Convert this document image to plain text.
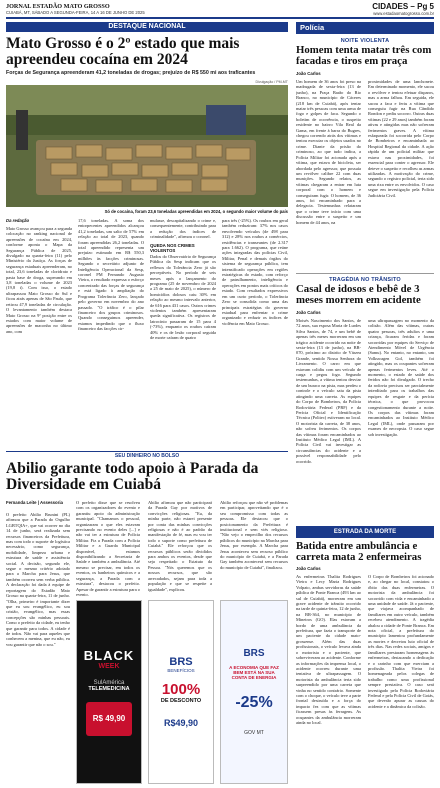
JORNAL ESTADÃO MATO GROSSO
CUIABÁ, MT, SÁBADO A SEGUNDA-FEIRA, 14 A 16 DE JUNHO DE 2025
CIDADES – Pg 5
www.estadaomatogrosso.com.br
DESTAQUE NACIONAL
Mato Grosso é o 2º estado que mais apreendeu cocaína em 2024
Forças de Segurança apreenderam 41,2 toneladas de drogas; prejuízo de R$ 550 mi aos traficantes
Divulgação / PM-MT
Só de cocaína, foram 23,6 toneladas apreendidas em 2024, o segundo maior volume do país
Da redação
Mato Grosso avançou para a segunda colocação no ranking nacional de apreensões de cocaína em 2024, conforme aponta o Mapa da Segurança Pública de 2025, divulgado na quarta-feira (11) pelo Ministério da Justiça. As forças de segurança estaduais apreenderam, no total, 23,6 toneladas de cloridrato e pasta base de droga, superando em 3,8 toneladas o volume de 2023 (19,8 t). Com isso, o estado ultrapassou Mato Grosso do Sul e ficou atrás apenas de São Paulo, que retirou 47,9 toneladas de circulação. O levantamento também destaca Mato Grosso na 9ª posição entre os estados com maior volume de apreensões de maconha no último ano, com
17,6 toneladas. A soma dos entorpecentes apreendidos alcançou 41,2 toneladas, um salto de 57% em relação ao total de 2023, quando foram apreendidas 26,2 toneladas. O total apreendido representa um prejuízo estimado em R$ 550,3 milhões às facções criminosas. Segundo o secretário adjunto de Inteligência Operacional da Sesp, coronel PM Fernando Augusto Vieira, o resultado expressa o esforço concentrado das forças de segurança e está ligado à ampliação do Programa Tolerância Zero, lançado pelo governo em novembro do ano passado. "O tráfico é o pilar financeiro dos grupos criminosos. Quando conseguimos apreender, estamos impedindo que o fluxo financeiro das facções cir-
mulasse, descapitalizando o crime e, consequentemente, contribuindo para a redução dos índices de criminalidade", afirmou o coronel.
QUEDA NOS CRIMES VIOLENTOS
Dados do Observatório de Segurança Pública da Sesp indicam que os reflexos do Tolerância Zero já são perceptíveis. No período de seis meses após o lançamento do programa (25 de novembro de 2024 a 25 de maio de 2025), o número de homicídios dolosos caiu 30% em relação ao mesmo intervalo anterior, de 616 para 431 casos. Outros crimes violentos também apresentaram queda significativa. Os registros de latrocínio passaram de 15 para 4 (-73%), enquanto os roubos caíram 40% e os de lesão corporal seguida de morte caíram de quatro
para três (-25%). Os roubos em geral também reduziram: 37% nos casos envolvendo veículos (de 498 para 312) e 28% nos roubos a comércios, residências e transeuntes (de 2.317 para 1.662). O programa, que reúne ações integradas das polícias Civil, Militar, Penal e demais órgãos do sistema de segurança pública, tem intensificado operações em regiões estratégicas do estado, com reforço de patrulhamento, inteligência e operações em pontos mais críticos do estado. Com resultados expressivos em um curto período, o Tolerância Zero se consolida como uma das principais estratégias do governo estadual para enfrentar o crime organizado e reduzir os índices de violência em Mato Grosso.
SEU DINHEIRO NO BOLSO
Abilio garante todo apoio à Parada da Diversidade em Cuiabá
Fernanda Leite | Assessoria
O prefeito Abilio Brunini (PL) afirmou que a Parada do Orgulho LGBTQIA+, que vai ocorrer no dia 14 de junho, será realizada sem recursos financeiros da Prefeitura, mas com todo o suporte de logística necessário, como segurança, mobilidade, limpeza urbana e estrutura de saúde e assistência social. A decisão, segundo ele, segue o mesmo critério adotado para a Marcha para Jesus, que também ocorreu sem verba pública. A declaração foi dada à equipe de reportagem do Estadão Mato Grosso na quarta-feira, 11 de junho. "Olha, primeiro é importante dizer que eu sou evangélico, eu sou cristão, evangélico, mas essas concepções são minhas pessoais. Como o prefeito da cidade, eu tenho que garantir para todos. A cidade é de todos. Não vai para aqueles que conhecem a menina, que eu não, eu vou garantir que não o sou."
O prefeito disse que se resolveu com os organizadores do evento e garantiu apoio da administração municipal. "Chamamos o pessoal, organizaram o que eles estavam precisando no evento deles [...] e não vai ter a estrutura de Polícia Militar. Fiz a Parada com a Polícia Militar e a Guarda Municipal disponível, estamos disponibilizando a Secretaria de Saúde e também a ambulância. Até mesmo se precisar, em todos os eventos, os banheiros químicos e a segurança, a Parada com a estrutura", destacou o prefeito. Apesar de garantir a estrutura para o evento,
Abilio afirmou que não participará da Parada Gay por motivos de convicções religiosas. "Eu, da minha parte, não estarei presente por conta das minhas convicções religiosas e não é ao padrão da manifestação de fé, mas eu vou ter todo o suporte como prefeitura de Cuiabá." Ele reforçou que os recursos públicos serão divididos para ambos os eventos, desde que seja respeitado o Estatuto da Pessoa. "Nós queremos que os nossos recursos, que são arrecadados, sejam para toda a população e que se respeite a igualdade", explicou.
Abilio reforçou que não vê problemas em participar, aproveitando que é o seu compromisso com todas as pessoas. Ele destacou que o posicionamento da Prefeitura é institucional e sem viés religioso. "Não vejo o empecilho dos recursos públicos do município na Marcha para Jesus, por exemplo. A Marcha para Jesus aconteceu sem recurso público do município de Cuiabá, e a Parada Gay também acontecerá sem recursos do município de Cuiabá", finalizou.
BLACK
WEEK
SulAmérica
TELEMEDICINA
R$ 49,90
BRS
BENEFÍCIOS
100%
DE DESCONTO
R$49,90
BRS
A ECONOMIA QUE FAZ BEM ESTÁ NA SUA CONTA DE ENERGIA
-25%
GOV MT
Polícia
NOITE VIOLENTA
Homem tenta matar três com facadas e tiros em praça
João Carlos
Um homem de 36 anos foi preso na madrugada de sexta-feira (13 de junho), na Praça Barão do Rio Branco, no município de Cáceres (218 km de Cuiabá), após tentar matar três pessoas com uma arma de fogo e golpes de faca. Segundo o boletim de ocorrência, o suspeito residente no bairro Vila Real da Gama, em frente à barra do Bugres, chegou correndo atrás dos vítimas e tentou executar os objetos usados no crime. Diante da prisão do criminoso, ao que tudo indica, a Polícia Militar foi acionada após a vítima, que estava de bicicleta, ser abordada pelo agressor, que possuía um revólver calibre 22 com duas munições. Segundo relatos, as vítimas chegaram a entrar em luta corporal com o homem e conseguiram fugir. O homem, de 36 anos, foi encaminhado para a delegacia. Testemunhas relataram que o crime teve início com uma discussão entre o suspeito e um homem de 44 anos, na
proximidades de uma lanchonete. Em determinado momento, ele sacou o revólver e tentou efetuar disparos, mas a arma falhou. Em seguida, ele sacou a faca e feriu a vítima que conseguiu fugir na Rua Cândido Rondon e pediu socorro. Outras duas vítimas (22 e 29 anos) também foram ativas e atingidas mas não sofreram ferimentos graves. A vítima esfaqueada foi socorrida pelo Corpo de Bombeiros e encaminhada ao Hospital Regional da cidade. A ação rápida de um policial militar que estava nas proximidades, foi essencial para conter o agressor. Ele deteve o suspeito e recolheu as armas utilizadas. A motivação do crime, segundo o registro policial, teria sido uma rixa entre os envolvidos. O caso segue em investigação pela Polícia Judiciária Civil.
TRAGÉDIA NO TRÂNSITO
Casal de idosos e bebê de 3 meses morrem em acidente
João Carlos
Moisés Nascimento dos Santos, de 72 anos, sua esposa Maria de Lurdes Silva Santos, de 74, e um bebê de apenas três meses morreram em um trágico acidente ocorrido na noite de sexta-feira (13 de junho), na BR-070, próximo ao distrito de Várzea Grande, sentido Nossa Senhora do Livramento. O carro em que estavam colidiu com um veículo de carga e pegou fogo. Segundo testemunhas, a vítima tentou desviar de um buraco na pista, mas perdeu o controle e o veículo saiu da pista atingindo uma carreta. As equipes do Corpo de Bombeiros, da Polícia Rodoviária Federal (PRF) e da Perícia Oficial e Identificação Técnica (Politec) estiveram no local. O motorista da carreta, de 38 anos, não sofreu ferimentos. Os corpos das vítimas foram encaminhados ao Instituto Médico Legal (IML). A Polícia Civil vai investigar as circunstâncias do acidente e a possível responsabilidade pelo ocorrido.
uma ultrapassagem no momento da colisão. Além das vítimas, outras quatro pessoas, três adultos e uma criança, ficaram feridas e foram socorridas por equipes do Serviço de Atendimento Móvel de Urgência (Samu). No entanto, no entanto, um Volkswagen Gol, também foi atingido, mas os ocupantes sofreram apenas ferimentos leves. Até o momento, o estado de saúde dos feridos não foi divulgado. O trecho da rodovia precisou ser parcialmente interditado para os trabalhos das equipes de resgate e da perícia técnica, o que provocou congestionamento durante a noite. Os corpos das vítimas foram encaminhados ao Instituto Médico Legal (IML), onde passaram por exames de necropsia. O caso segue sob investigação.
ESTRADA DA MORTE
Batida entre ambulância e carreta mata 2 enfermeiras
João Carlos
As enfermeiras Thalita Rodrigues Vieira e Lecy Maria Rodrigues Volpato, ambas servidoras da saúde pública de Ponte Branca (493 km ao sul de Cuiabá), morreram em um grave acidente de trânsito ocorrido na tarde de quinta-feira, 12 de junho, na BR-364, no município de Mineiros (GO). Elas estavam a bordo de uma ambulância da prefeitura, que fazia o transporte de um paciente da cidade mato-grossense. Além das duas profissionais, o veículo levava ainda o motorista e o paciente, que sobreviveram ao acidente. Conforme as informações da imprensa local, o acidente ocorreu durante uma tentativa de ultrapassagem. O motorista da ambulância teria sido surpreendido por uma carreta que vinha no sentido contrário. Somente com o choque, o veículo teve a parte frontal destruída e a força do impacto fez com que as vítimas ficassem presas às ferragens. As ocupantes da ambulância morreram ainda no local.
O Corpo de Bombeiros foi acionado e, ao chegar no local, constatou o óbito das duas enfermeiras. O motorista da ambulância foi socorrido com vida e encaminhado a uma unidade de saúde. Já o paciente, que viajava acompanhado de familiares em outro veículo, também recebeu atendimento. A tragédia abalou a cidade de Ponte Branca. Em nota oficial, a prefeitura do município lamentou profundamente as mortes e decretou luto oficial de três dias. Nas redes sociais, amigos e familiares prestaram homenagens às enfermeiras, destacando a dedicação e o carinho com que exerciam a profissão. Thalita Vieira foi homenageada pelos colegas de trabalho como uma profissional sempre prestativa. O caso será investigado pela Polícia Rodoviária Federal e pela Polícia Civil de Goiás, que deverão apurar as causas do acidente e a dinâmica da colisão.
